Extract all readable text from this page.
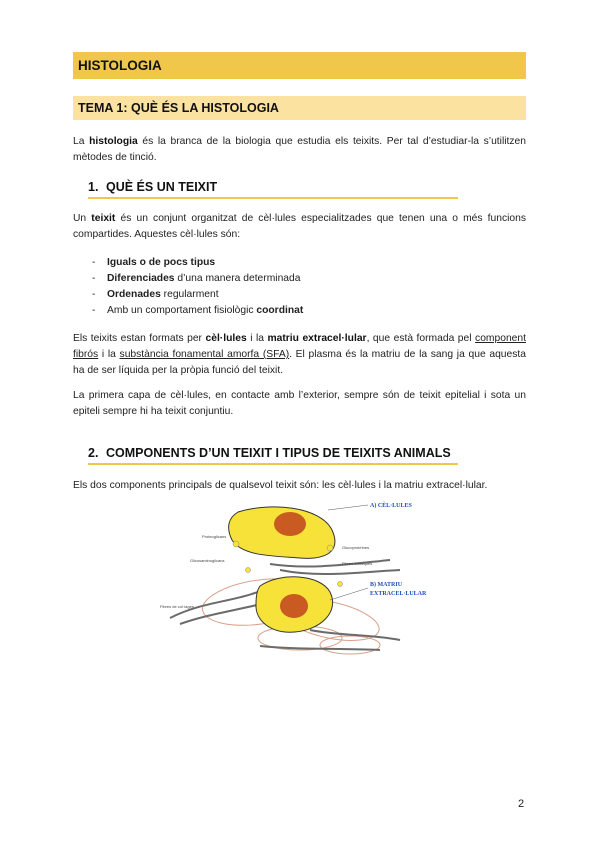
HISTOLOGIA
TEMA 1: QUÈ ÉS LA HISTOLOGIA
La histologia és la branca de la biologia que estudia els teixits. Per tal d’estudiar-la s’utilitzen mètodes de tinció.
1. QUÈ ÉS UN TEIXIT
Un teixit és un conjunt organitzat de cèl·lules especialitzades que tenen una o més funcions compartides. Aquestes cèl·lules són:
- Iguals o de pocs tipus
- Diferenciades d’una manera determinada
- Ordenades regularment
- Amb un comportament fisiològic coordinat
Els teixits estan formats per cèl·lules i la matriu extracel·lular, que està formada pel component fibrós i la substància fonamental amorfa (SFA). El plasma és la matriu de la sang ja que aquesta ha de ser líquida per la pròpia funció del teixit.
La primera capa de cèl·lules, en contacte amb l’exterior, sempre són de teixit epitelial i sota un epiteli sempre hi ha teixit conjuntiu.
2. COMPONENTS D’UN TEIXIT I TIPUS DE TEIXITS ANIMALS
Els dos components principals de qualsevol teixit són: les cèl·lules i la matriu extracel·lular.
A) CÈL·LULES
B) MATRIU
EXTRACEL·LULAR
Proteoglicans
Glucoproteïnes
Glicosaminoglicans
Fibres elàstiques
Fibres de col·lagen
2
